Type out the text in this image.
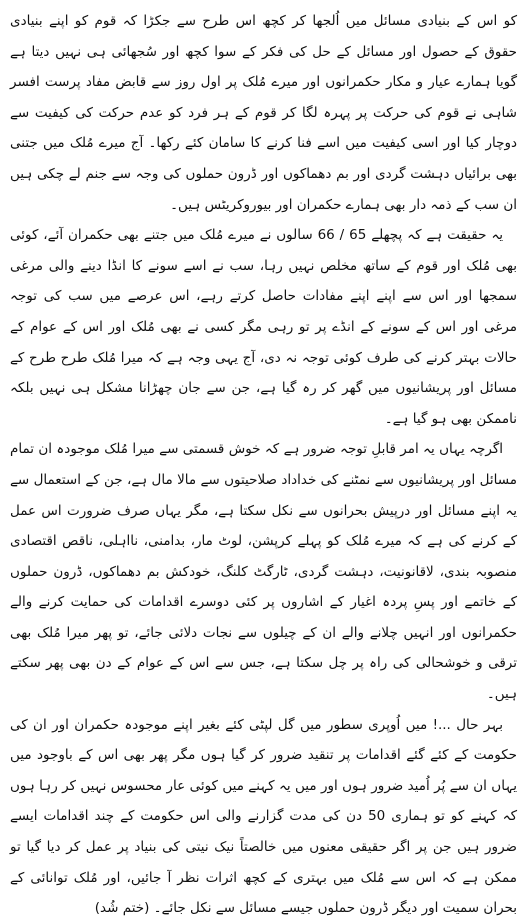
کو اس کے بنیادی مسائل میں اُلجھا کر کچھ اس طرح سے جکڑا کہ قوم کو اپنے بنیادی حقوق کے حصول اور مسائل کے حل کی فکر کے سوا کچھ اور سُجھائی ہی نہیں دیتا ہے گویا ہمارے عیار و مکار حکمرانوں اور میرے مُلک پر اول روز سے قابض مفاد پرست افسر شاہی نے قوم کی حرکت پر پہرہ لگا کر قوم کے ہر فرد کو عدم حرکت کی کیفیت سے دوچار کیا اور اسی کیفیت میں اسے فنا کرنے کا سامان کئے رکھا۔ آج میرے مُلک میں جتنی بھی برائیاں دہشت گردی اور بم دھماکوں اور ڈرون حملوں کی وجہ سے جنم لے چکی ہیں ان سب کے ذمہ دار بھی ہمارے حکمران اور بیوروکریٹس ہیں۔

یہ حقیقت ہے کہ پچھلے 65 / 66 سالوں نے میرے مُلک میں جتنے بھی حکمران آئے، کوئی بھی مُلک اور قوم کے ساتھ مخلص نہیں رہا، سب نے اسے سونے کا انڈا دینے والی مرغی سمجھا اور اس سے اپنے اپنے مفادات حاصل کرتے رہے، اس عرصے میں سب کی توجہ مرغی اور اس کے سونے کے انڈے پر تو رہی مگر کسی نے بھی مُلک اور اس کے عوام کے حالات بہتر کرنے کی طرف کوئی توجہ نہ دی، آج یہی وجہ ہے کہ میرا مُلک طرح طرح کے مسائل اور پریشانیوں میں گھر کر رہ گیا ہے، جن سے جان چھڑانا مشکل ہی نہیں بلکہ ناممکن بھی ہو گیا ہے۔

اگرچہ یہاں یہ امر قابلِ توجہ ضرور ہے کہ خوش قسمتی سے میرا مُلک موجودہ ان تمام مسائل اور پریشانیوں سے نمٹنے کی خداداد صلاحیتوں سے مالا مال ہے، جن کے استعمال سے یہ اپنے مسائل اور درپیش بحرانوں سے نکل سکتا ہے، مگر یہاں صرف ضرورت اس عمل کے کرنے کی ہے کہ میرے مُلک کو پہلے کرپشن، لوٹ مار، بدامنی، نااہلی، ناقص اقتصادی منصوبہ بندی، لاقانونیت، دہشت گردی، ٹارگٹ کلنگ، خودکش بم دھماکوں، ڈرون حملوں کے خاتمے اور پسِ پردہ اغیار کے اشاروں پر کئی دوسرے اقدامات کی حمایت کرنے والے حکمرانوں اور انہیں چلانے والے ان کے چیلوں سے نجات دلائی جائے، تو پھر میرا مُلک بھی ترقی و خوشحالی کی راہ پر چل سکتا ہے، جس سے اس کے عوام کے دن بھی پھر سکتے ہیں۔

بہر حال ...! میں اُوپری سطور میں گل لپٹی کئے بغیر اپنے موجودہ حکمران اور ان کی حکومت کے کئے گئے اقدامات پر تنقید ضرور کر گیا ہوں مگر پھر بھی اس کے باوجود میں یہاں ان سے پُر اُمید ضرور ہوں اور میں یہ کہنے میں کوئی عار محسوس نہیں کر رہا ہوں کہ کہنے کو تو ہماری 50 دن کی مدت گزارنے والی اس حکومت کے چند اقدامات ایسے ضرور ہیں جن پر اگر حقیقی معنوں میں خالصتاً نیک نیتی کی بنیاد پر عمل کر دیا گیا تو ممکن ہے کہ اس سے مُلک میں بہتری کے کچھ اثرات نظر آ جائیں، اور مُلک توانائی کے بحران سمیت اور دیگر ڈرون حملوں جیسے مسائل سے نکل جائے۔ (ختم شُد)
